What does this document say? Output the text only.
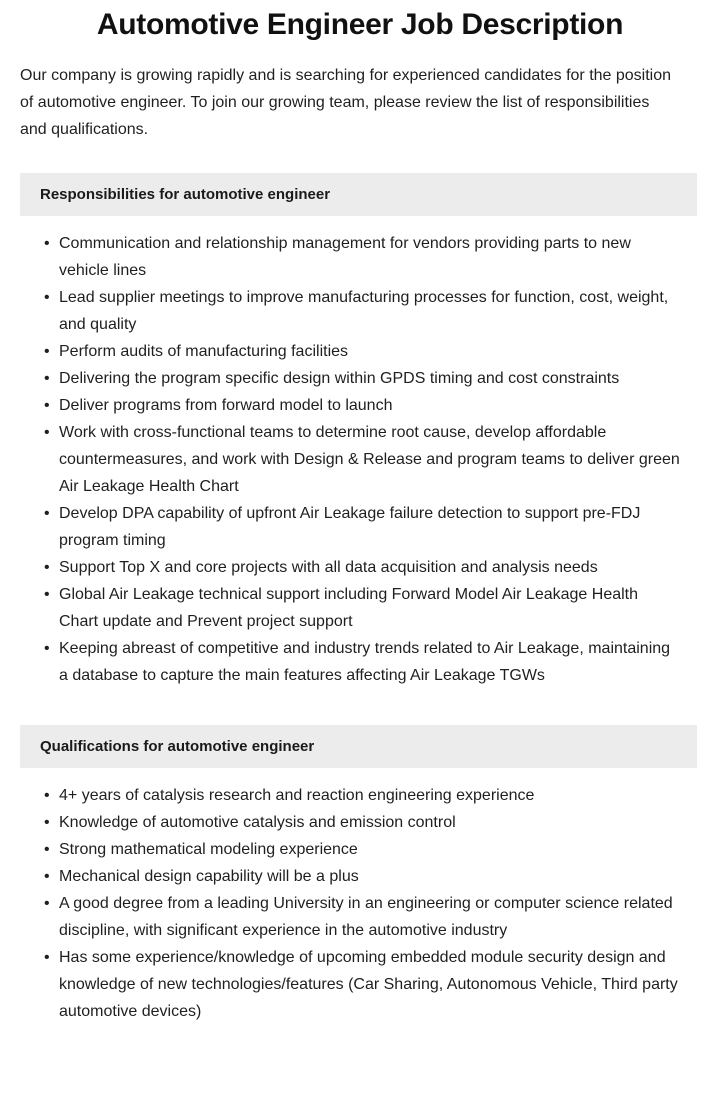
Automotive Engineer Job Description

Our company is growing rapidly and is searching for experienced candidates for the position of automotive engineer. To join our growing team, please review the list of responsibilities and qualifications.

Responsibilities for automotive engineer
• Communication and relationship management for vendors providing parts to new vehicle lines
• Lead supplier meetings to improve manufacturing processes for function, cost, weight, and quality
• Perform audits of manufacturing facilities
• Delivering the program specific design within GPDS timing and cost constraints
• Deliver programs from forward model to launch
• Work with cross-functional teams to determine root cause, develop affordable countermeasures, and work with Design & Release and program teams to deliver green Air Leakage Health Chart
• Develop DPA capability of upfront Air Leakage failure detection to support pre-FDJ program timing
• Support Top X and core projects with all data acquisition and analysis needs
• Global Air Leakage technical support including Forward Model Air Leakage Health Chart update and Prevent project support
• Keeping abreast of competitive and industry trends related to Air Leakage, maintaining a database to capture the main features affecting Air Leakage TGWs
Qualifications for automotive engineer
• 4+ years of catalysis research and reaction engineering experience
• Knowledge of automotive catalysis and emission control
• Strong mathematical modeling experience
• Mechanical design capability will be a plus
• A good degree from a leading University in an engineering or computer science related discipline, with significant experience in the automotive industry
• Has some experience/knowledge of upcoming embedded module security design and knowledge of new technologies/features (Car Sharing, Autonomous Vehicle, Third party automotive devices)
